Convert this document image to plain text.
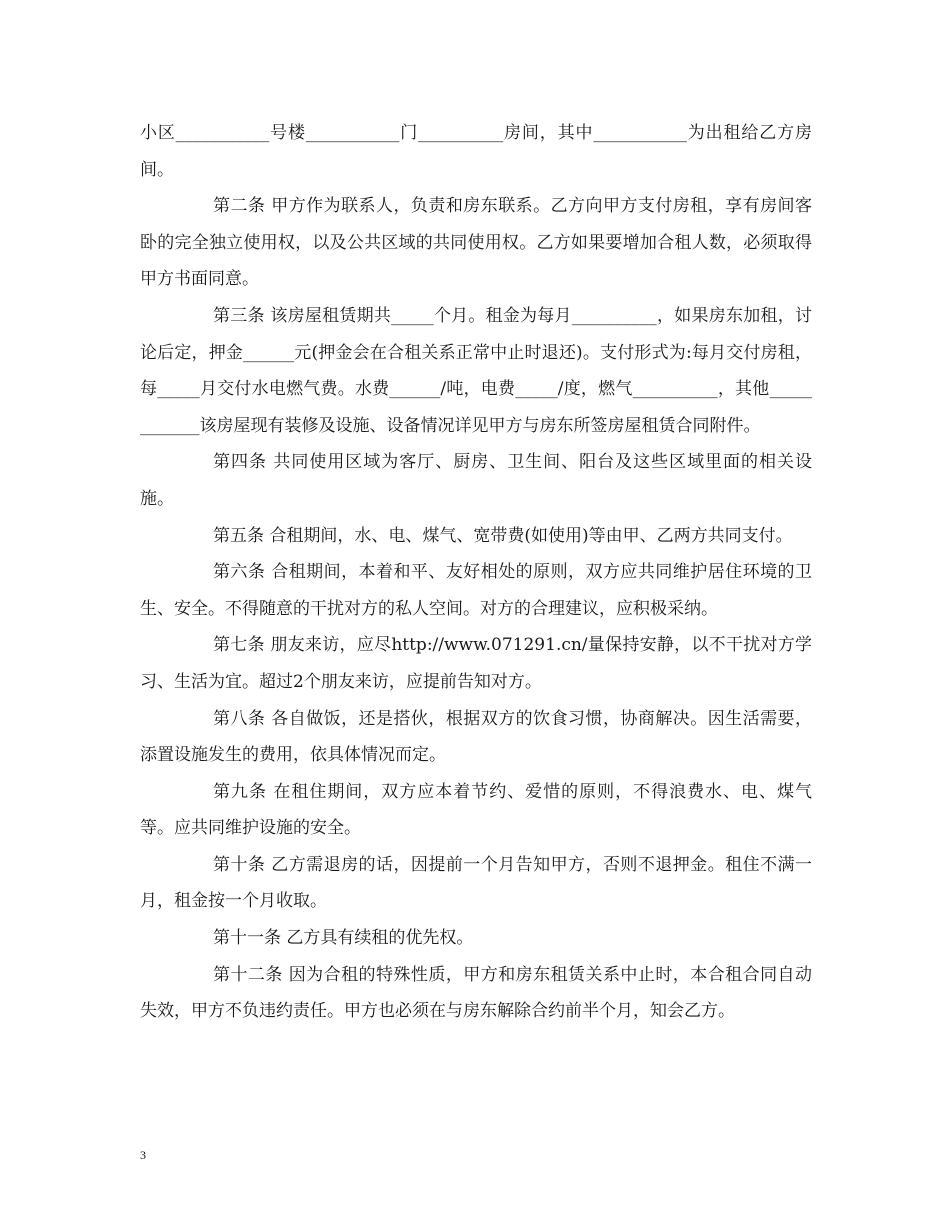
小区___________号楼___________门__________房间，其中___________为出租给乙方房间。

第二条 甲方作为联系人，负责和房东联系。乙方向甲方支付房租，享有房间客卧的完全独立使用权，以及公共区域的共同使用权。乙方如果要增加合租人数，必须取得甲方书面同意。

第三条 该房屋租赁期共_____个月。租金为每月__________，如果房东加租，讨论后定，押金______元(押金会在合租关系正常中止时退还)。支付形式为:每月交付房租，每_____月交付水电燃气费。水费______/吨，电费_____/度，燃气__________，其他____________该房屋现有装修及设施、设备情况详见甲方与房东所签房屋租赁合同附件。

第四条 共同使用区域为客厅、厨房、卫生间、阳台及这些区域里面的相关设施。

第五条 合租期间，水、电、煤气、宽带费(如使用)等由甲、乙两方共同支付。

第六条 合租期间，本着和平、友好相处的原则，双方应共同维护居住环境的卫生、安全。不得随意的干扰对方的私人空间。对方的合理建议，应积极采纳。

第七条 朋友来访，应尽http://www.071291.cn/量保持安静，以不干扰对方学习、生活为宜。超过2个朋友来访，应提前告知对方。

第八条 各自做饭，还是搭伙，根据双方的饮食习惯，协商解决。因生活需要，添置设施发生的费用，依具体情况而定。

第九条 在租住期间，双方应本着节约、爱惜的原则，不得浪费水、电、煤气等。应共同维护设施的安全。

第十条 乙方需退房的话，因提前一个月告知甲方，否则不退押金。租住不满一月，租金按一个月收取。

第十一条 乙方具有续租的优先权。

第十二条 因为合租的特殊性质，甲方和房东租赁关系中止时，本合租合同自动失效，甲方不负违约责任。甲方也必须在与房东解除合约前半个月，知会乙方。

3
